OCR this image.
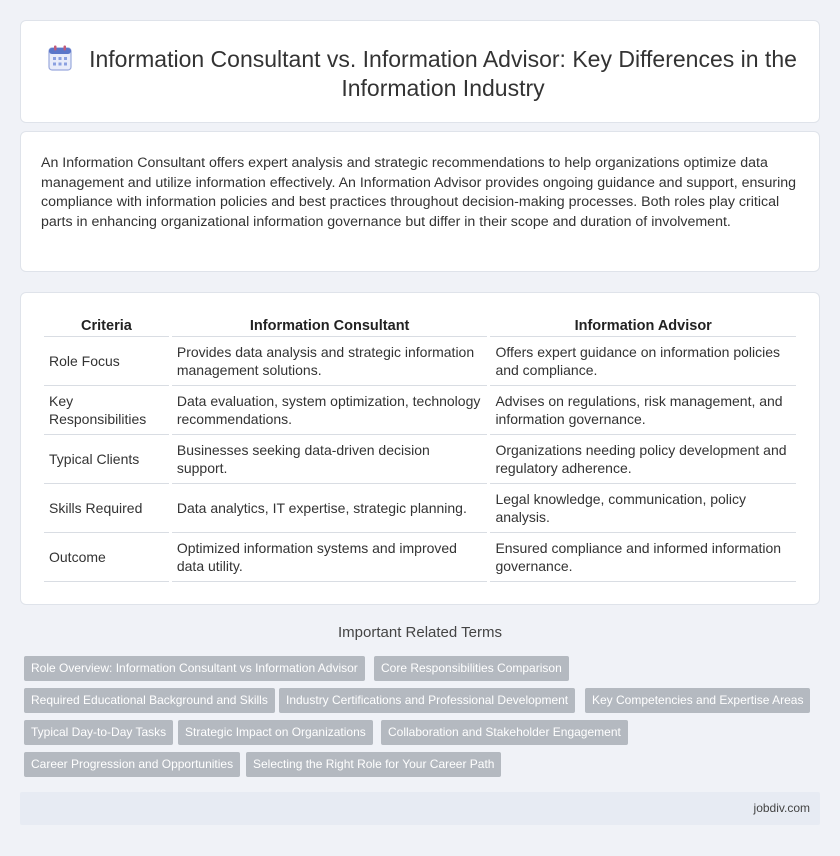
Information Consultant vs. Information Advisor: Key Differences in the Information Industry

An Information Consultant offers expert analysis and strategic recommendations to help organizations optimize data management and utilize information effectively. An Information Advisor provides ongoing guidance and support, ensuring compliance with information policies and best practices throughout decision-making processes. Both roles play critical parts in enhancing organizational information governance but differ in their scope and duration of involvement.

Criteria	Information Consultant	Information Advisor
Role Focus	Provides data analysis and strategic information management solutions.	Offers expert guidance on information policies and compliance.
Key Responsibilities	Data evaluation, system optimization, technology recommendations.	Advises on regulations, risk management, and information governance.
Typical Clients	Businesses seeking data-driven decision support.	Organizations needing policy development and regulatory adherence.
Skills Required	Data analytics, IT expertise, strategic planning.	Legal knowledge, communication, policy analysis.
Outcome	Optimized information systems and improved data utility.	Ensured compliance and informed information governance.
Important Related Terms
Role Overview: Information Consultant vs Information Advisor	Core Responsibilities Comparison
Required Educational Background and Skills	Industry Certifications and Professional Development	Key Competencies and Expertise Areas
Typical Day-to-Day Tasks	Strategic Impact on Organizations	Collaboration and Stakeholder Engagement
Career Progression and Opportunities	Selecting the Right Role for Your Career Path
jobdiv.com
